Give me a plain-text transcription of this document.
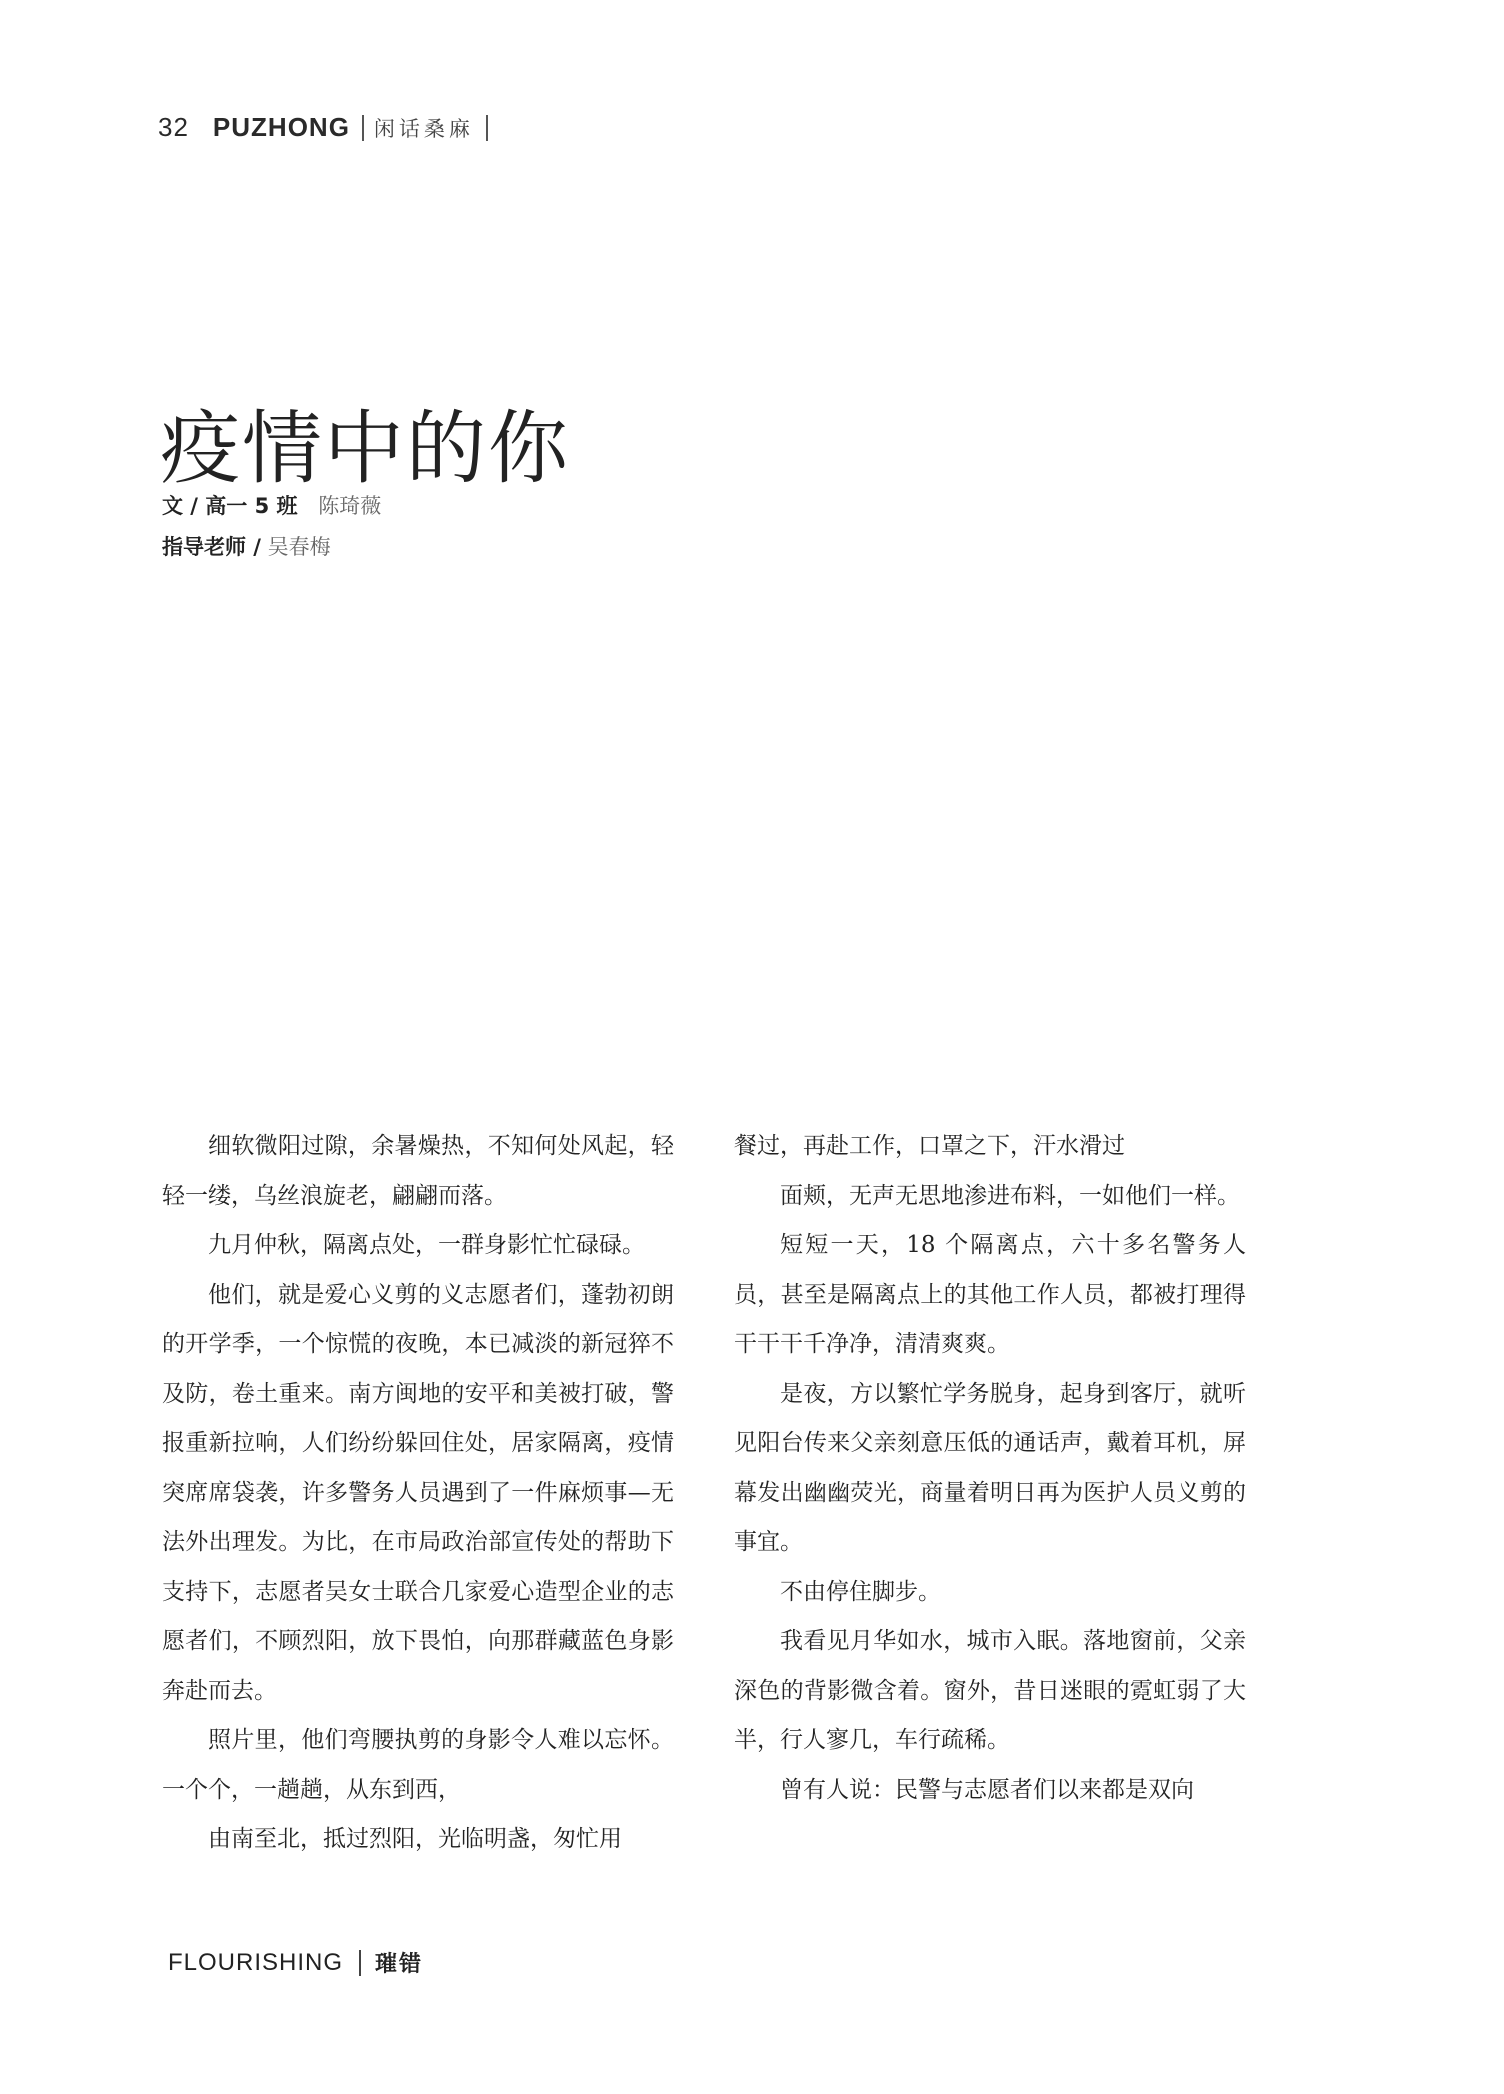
32 PUZHONG 闲话桑麻
疫情中的你
文 / 高一 5 班 陈琦薇
指导老师 / 吴春梅

细软微阳过隙，余暑燥热，不知何处风起，轻轻一缕，乌丝浪旋老，翩翩而落。

九月仲秋，隔离点处，一群身影忙忙碌碌。

他们，就是爱心义剪的义志愿者们，蓬勃初朗的开学季，一个惊慌的夜晚，本已减淡的新冠猝不及防，卷土重来。南方闽地的安平和美被打破，警报重新拉响，人们纷纷躲回住处，居家隔离，疫情突席席袋袭，许多警务人员遇到了一件麻烦事—无法外出理发。为比，在市局政治部宣传处的帮助下支持下，志愿者吴女士联合几家爱心造型企业的志愿者们，不顾烈阳，放下畏怕，向那群藏蓝色身影奔赴而去。

照片里，他们弯腰执剪的身影令人难以忘怀。一个个，一趟趟，从东到西，

由南至北，抵过烈阳，光临明盏，匆忙用

餐过，再赴工作，口罩之下，汗水滑过

面颊，无声无思地渗进布料，一如他们一样。

短短一天，18 个隔离点，六十多名警务人员，甚至是隔离点上的其他工作人员，都被打理得干干干千净净，清清爽爽。

是夜，方以繁忙学务脱身，起身到客厅，就听见阳台传来父亲刻意压低的通话声，戴着耳机，屏幕发出幽幽荧光，商量着明日再为医护人员义剪的事宜。

不由停住脚步。

我看见月华如水，城市入眠。落地窗前，父亲深色的背影微含着。窗外，昔日迷眼的霓虹弱了大半，行人寥几，车行疏稀。

曾有人说：民警与志愿者们以来都是双向

FLOURISHING 璀错
